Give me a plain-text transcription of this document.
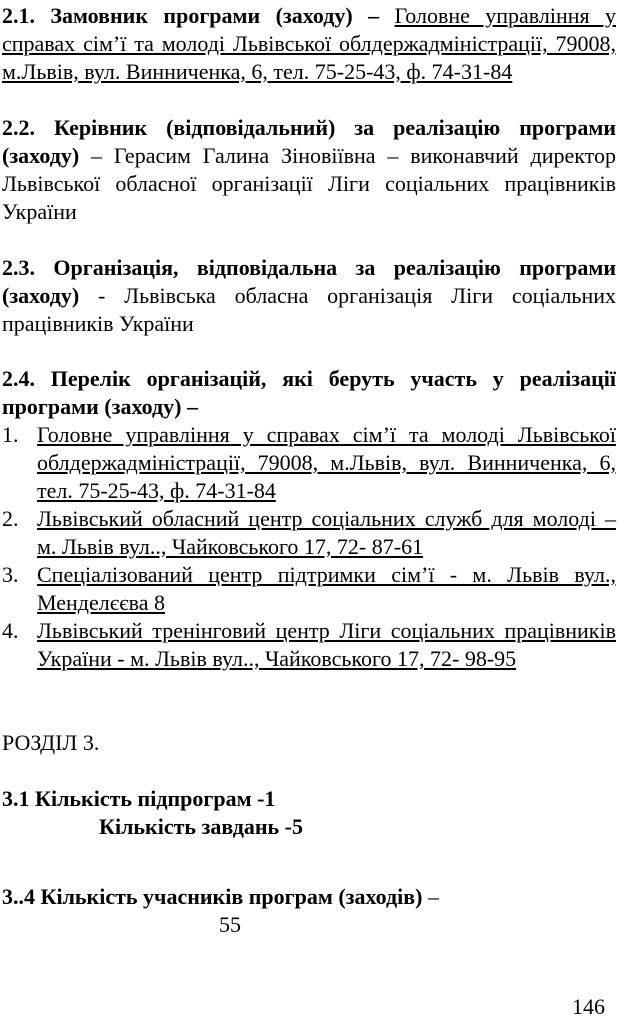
2.1. Замовник програми (заходу) – Головне управління у справах сім’ї та молоді Львівської облдержадміністрації, 79008, м.Львів, вул. Винниченка, 6, тел. 75-25-43, ф. 74-31-84
2.2. Керівник (відповідальний) за реалізацію програми (заходу) – Герасим Галина Зіновіївна – виконавчий директор Львівської обласної організації Ліги соціальних працівників України
2.3. Організація, відповідальна за реалізацію програми (заходу) - Львівська обласна організація Ліги соціальних працівників України
2.4. Перелік організацій, які беруть участь у реалізації програми (заходу) –
1. Головне управління у справах сім’ї та молоді Львівської облдержадміністрації, 79008, м.Львів, вул. Винниченка, 6, тел. 75-25-43, ф. 74-31-84
2. Львівський обласний центр соціальних служб для молоді – м. Львів вул.., Чайковського 17, 72- 87-61
3. Спеціалізований центр підтримки сім’ї - м. Львів вул., Менделєєва 8
4. Львівський тренінговий центр Ліги соціальних працівників України - м. Львів вул.., Чайковського 17, 72- 98-95
РОЗДІЛ 3.
3.1 Кількість підпрограм -1
Кількість завдань -5
3..4 Кількість учасників програм (заходів) –
55
146
